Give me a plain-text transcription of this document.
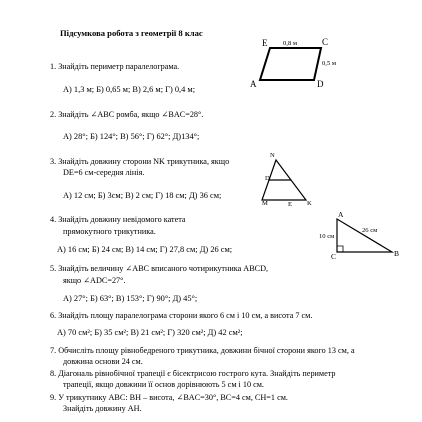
Підсумкова робота з геометрії 8 клас
1. Знайдіть периметр паралелограма.
А) 1,3 м; Б) 0,65 м; В) 2,6 м; Г) 0,4 м;
E	C
A	D
0,8 м
0,5 м
2. Знайдіть ∠ABC ромба, якщо ∠BAC=28°.
А) 28°; Б) 124°; В) 56°; Г) 62°; Д)134°;
3. Знайдіть довжину сторони NK трикутника, якщо
DE=6 см-середня лінія.
А) 12 см; Б) 3см; В) 2 см; Г) 18 см; Д) 36 см;
N
D
M	E K
4. Знайдіть довжину невідомого катета
прямокутного трикутника.
А) 16 см; Б) 24 см; В) 14 см; Г) 27,8 см; Д) 26 см;
A
C	B
26 см
10 см
5. Знайдіть величину ∠ABC вписаного чотирикутника ABCD,
якщо ∠ADC=27°.
А) 27°; Б) 63°; В) 153°; Г) 90°; Д) 45°;
6. Знайдіть площу паралелограма сторони якого 6 см і 10 см, а висота 7 см.
А) 70 см²; Б) 35 см²; В) 21 см²; Г) 320 см²; Д) 42 см²;
7. Обчисліть площу рівнобедреного трикутника, довжини бічної сторони якого 13 см, а
довжина основи 24 см.
8. Діагональ рівнобічної трапеції є бісектрисою гострого кута. Знайдіть периметр
трапеції, якщо довжини її основ дорівнюють 5 см і 10 см.
9. У трикутнику ABC: BH – висота, ∠BAC=30°, BC=4 см, CH=1 см.
Знайдіть довжину AH.
